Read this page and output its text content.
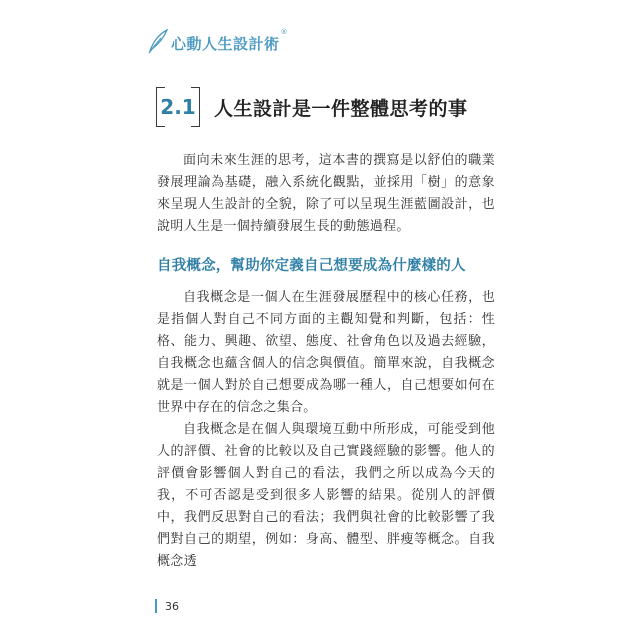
心動人生設計術
®
2.1 人生設計是一件整體思考的事

面向未來生涯的思考，這本書的撰寫是以舒伯的職業發展理論為基礎，融入系統化觀點，並採用「樹」的意象來呈現人生設計的全貌，除了可以呈現生涯藍圖設計，也說明人生是一個持續發展生長的動態過程。

自我概念，幫助你定義自己想要成為什麼樣的人

自我概念是一個人在生涯發展歷程中的核心任務，也是指個人對自己不同方面的主觀知覺和判斷，包括：性格、能力、興趣、欲望、態度、社會角色以及過去經驗，自我概念也蘊含個人的信念與價值。簡單來說，自我概念就是一個人對於自己想要成為哪一種人，自己想要如何在世界中存在的信念之集合。

自我概念是在個人與環境互動中所形成，可能受到他人的評價、社會的比較以及自己實踐經驗的影響。他人的評價會影響個人對自己的看法，我們之所以成為今天的我，不可否認是受到很多人影響的結果。從別人的評價中，我們反思對自己的看法；我們與社會的比較影響了我們對自己的期望，例如：身高、體型、胖瘦等概念。自我概念透

36
